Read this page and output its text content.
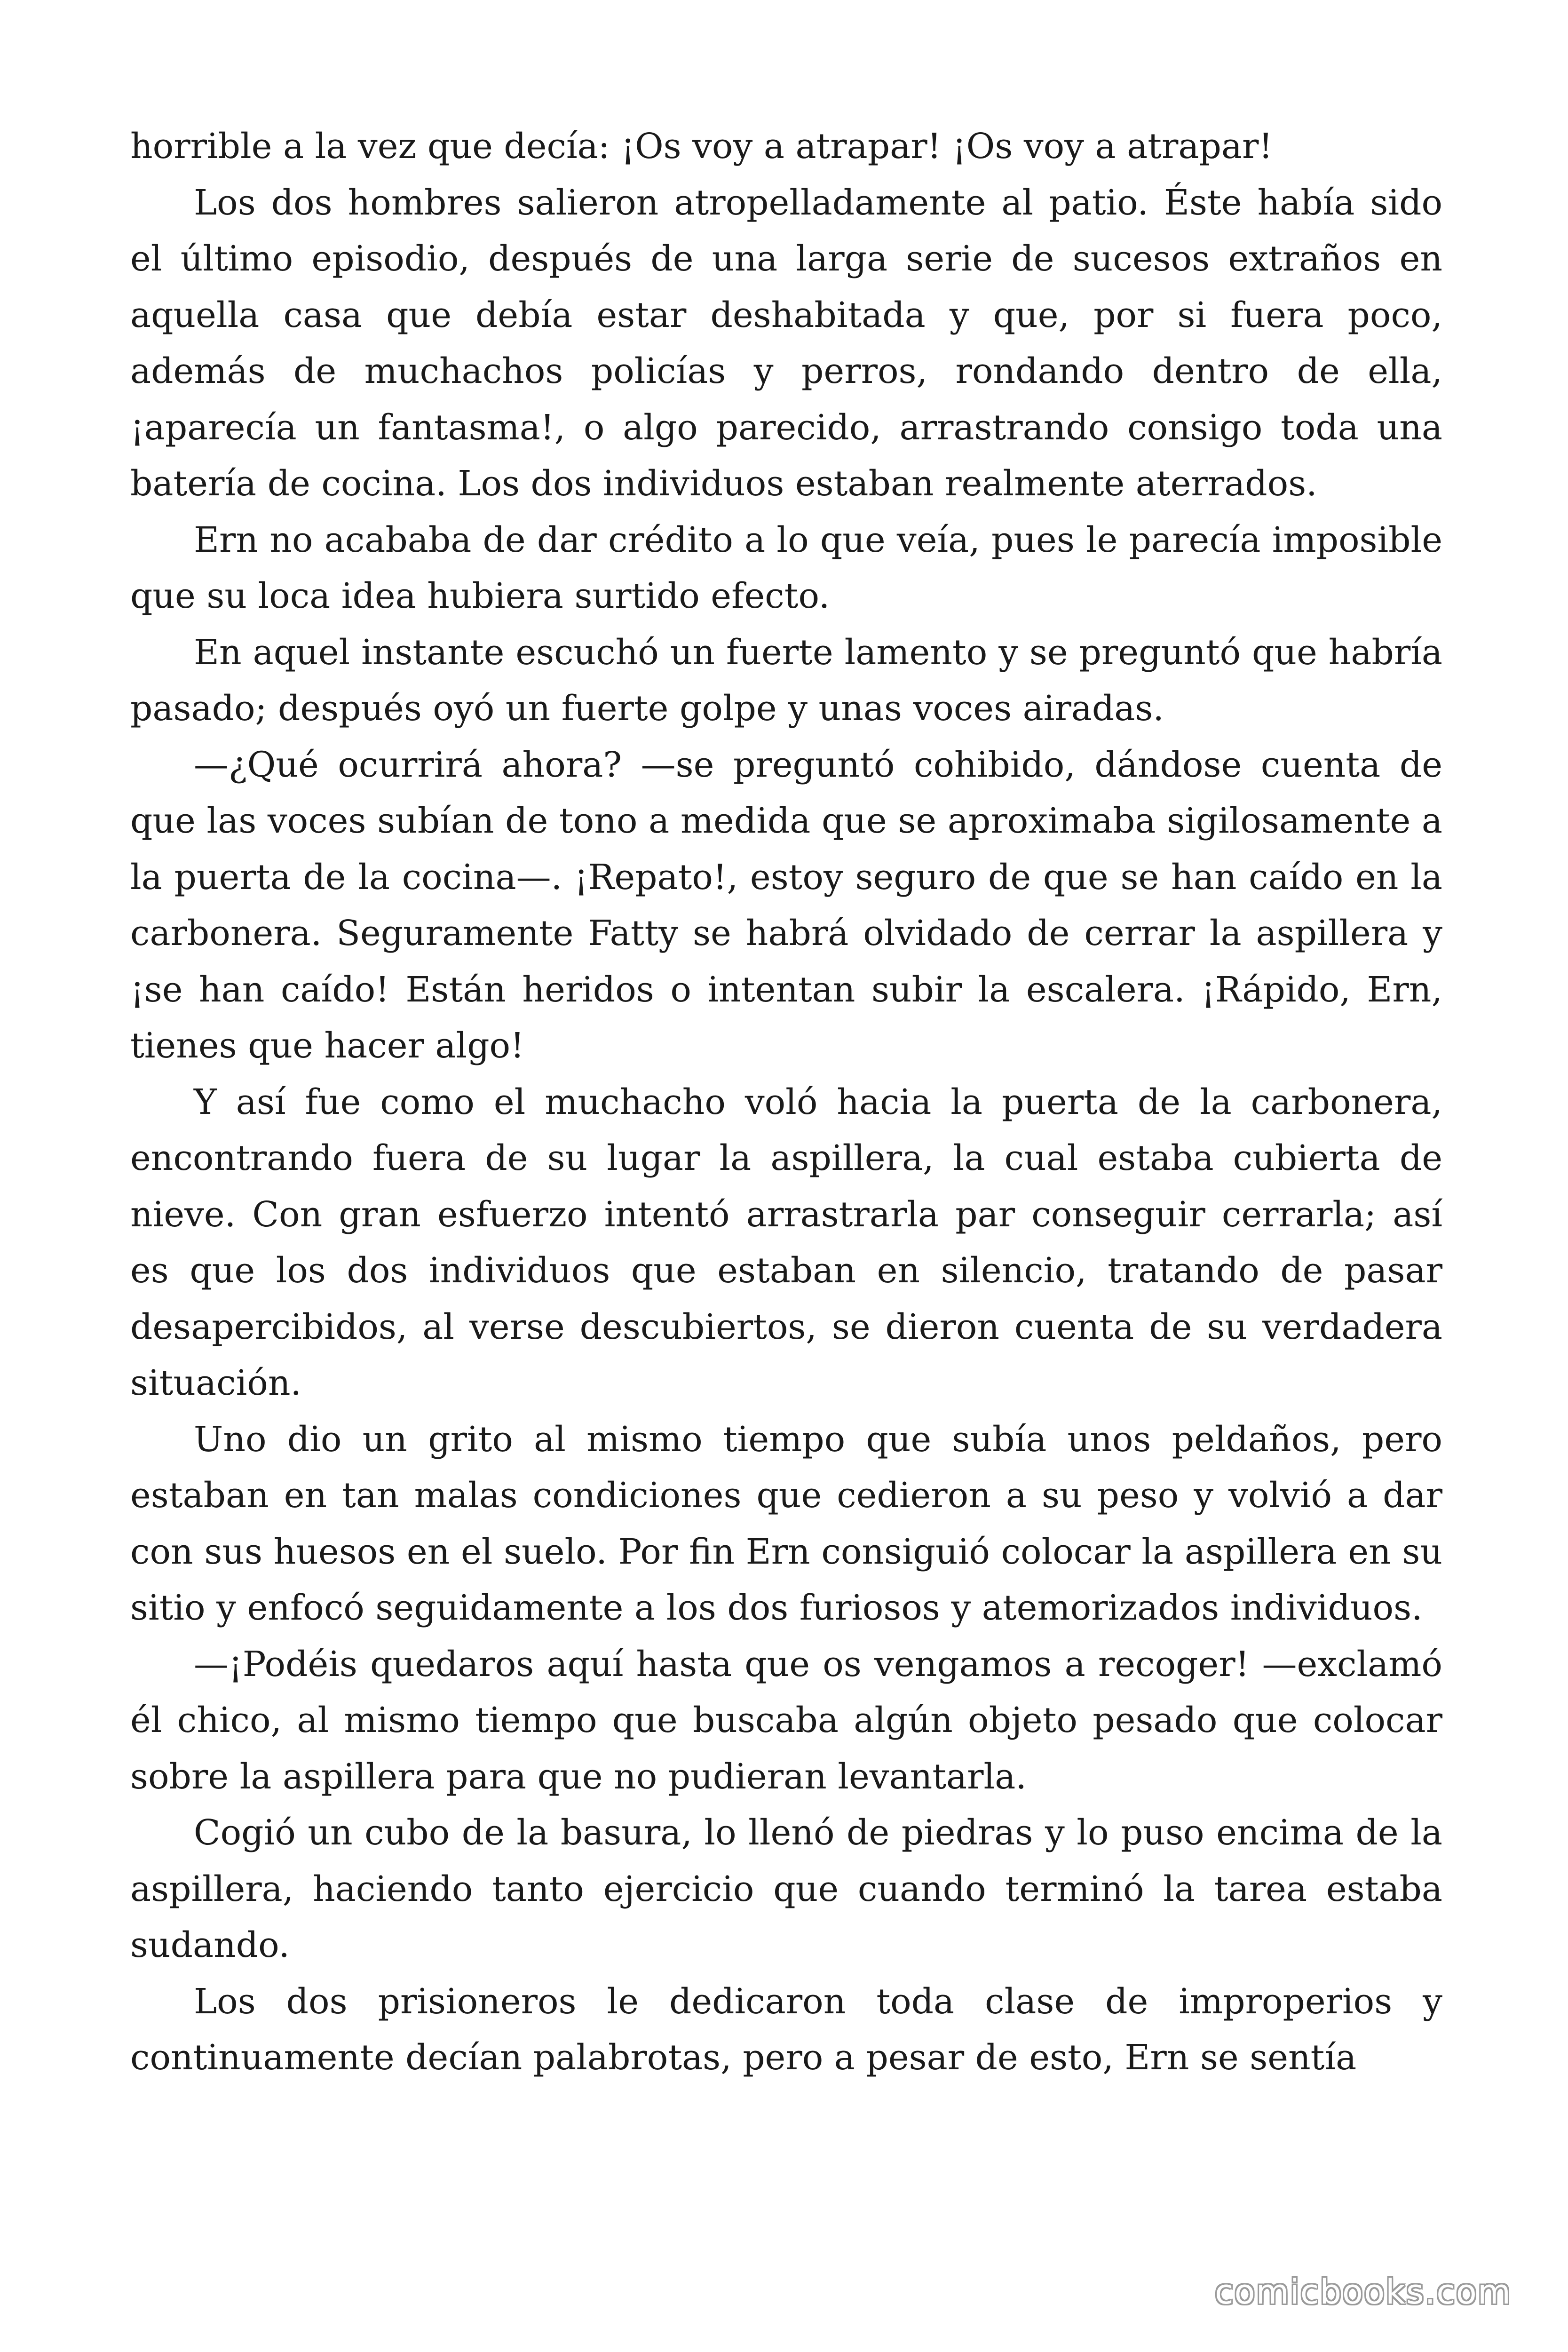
horrible a la vez que decía: ¡Os voy a atrapar! ¡Os voy a atrapar!

Los dos hombres salieron atropelladamente al patio. Éste había sido el último episodio, después de una larga serie de sucesos extraños en aquella casa que debía estar deshabitada y que, por si fuera poco, además de muchachos policías y perros, rondando dentro de ella, ¡aparecía un fantasma!, o algo parecido, arrastrando consigo toda una batería de cocina. Los dos individuos estaban realmente aterrados.

Ern no acababa de dar crédito a lo que veía, pues le parecía imposible que su loca idea hubiera surtido efecto.

En aquel instante escuchó un fuerte lamento y se preguntó que habría pasado; después oyó un fuerte golpe y unas voces airadas.

—¿Qué ocurrirá ahora? —se preguntó cohibido, dándose cuenta de que las voces subían de tono a medida que se aproximaba sigilosamente a la puerta de la cocina—. ¡Repato!, estoy seguro de que se han caído en la carbonera. Seguramente Fatty se habrá olvidado de cerrar la aspillera y ¡se han caído! Están heridos o intentan subir la escalera. ¡Rápido, Ern, tienes que hacer algo!

Y así fue como el muchacho voló hacia la puerta de la carbonera, encontrando fuera de su lugar la aspillera, la cual estaba cubierta de nieve. Con gran esfuerzo intentó arrastrarla par conseguir cerrarla; así es que los dos individuos que estaban en silencio, tratando de pasar desapercibidos, al verse descubiertos, se dieron cuenta de su verdadera situación.

Uno dio un grito al mismo tiempo que subía unos peldaños, pero estaban en tan malas condiciones que cedieron a su peso y volvió a dar con sus huesos en el suelo. Por fin Ern consiguió colocar la aspillera en su sitio y enfocó seguidamente a los dos furiosos y atemorizados individuos.

—¡Podéis quedaros aquí hasta que os vengamos a recoger! —exclamó él chico, al mismo tiempo que buscaba algún objeto pesado que colocar sobre la aspillera para que no pudieran levantarla.

Cogió un cubo de la basura, lo llenó de piedras y lo puso encima de la aspillera, haciendo tanto ejercicio que cuando terminó la tarea estaba sudando.

Los dos prisioneros le dedicaron toda clase de improperios y continuamente decían palabrotas, pero a pesar de esto, Ern se sentía

comicbooks.com
